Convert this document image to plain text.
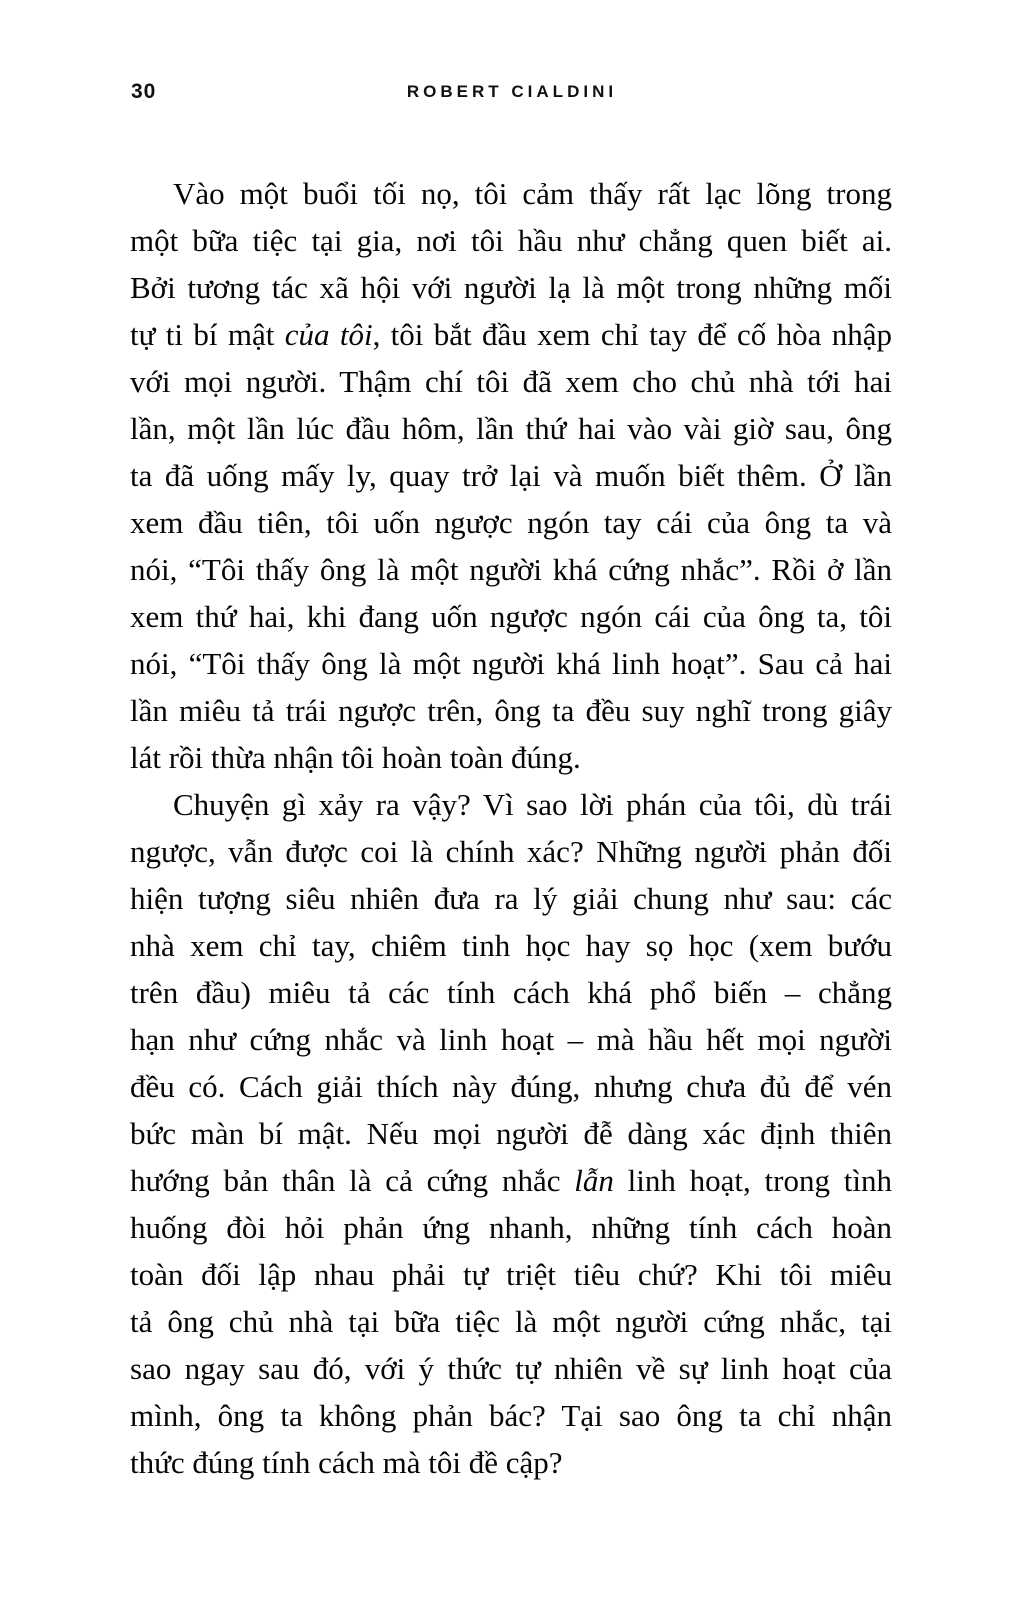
30	ROBERT CIALDINI
Vào một buổi tối nọ, tôi cảm thấy rất lạc lõng trong
một bữa tiệc tại gia, nơi tôi hầu như chẳng quen biết ai.
Bởi tương tác xã hội với người lạ là một trong những mối
tự ti bí mật của tôi, tôi bắt đầu xem chỉ tay để cố hòa nhập
với mọi người. Thậm chí tôi đã xem cho chủ nhà tới hai
lần, một lần lúc đầu hôm, lần thứ hai vào vài giờ sau, ông
ta đã uống mấy ly, quay trở lại và muốn biết thêm. Ở lần
xem đầu tiên, tôi uốn ngược ngón tay cái của ông ta và
nói, “Tôi thấy ông là một người khá cứng nhắc”. Rồi ở lần
xem thứ hai, khi đang uốn ngược ngón cái của ông ta, tôi
nói, “Tôi thấy ông là một người khá linh hoạt”. Sau cả hai
lần miêu tả trái ngược trên, ông ta đều suy nghĩ trong giây
lát rồi thừa nhận tôi hoàn toàn đúng.
Chuyện gì xảy ra vậy? Vì sao lời phán của tôi, dù trái
ngược, vẫn được coi là chính xác? Những người phản đối
hiện tượng siêu nhiên đưa ra lý giải chung như sau: các
nhà xem chỉ tay, chiêm tinh học hay sọ học (xem bướu
trên đầu) miêu tả các tính cách khá phổ biến – chẳng
hạn như cứng nhắc và linh hoạt – mà hầu hết mọi người
đều có. Cách giải thích này đúng, nhưng chưa đủ để vén
bức màn bí mật. Nếu mọi người đễ dàng xác định thiên
hướng bản thân là cả cứng nhắc lẫn linh hoạt, trong tình
huống đòi hỏi phản ứng nhanh, những tính cách hoàn
toàn đối lập nhau phải tự triệt tiêu chứ? Khi tôi miêu
tả ông chủ nhà tại bữa tiệc là một người cứng nhắc, tại
sao ngay sau đó, với ý thức tự nhiên về sự linh hoạt của
mình, ông ta không phản bác? Tại sao ông ta chỉ nhận
thức đúng tính cách mà tôi đề cập?
